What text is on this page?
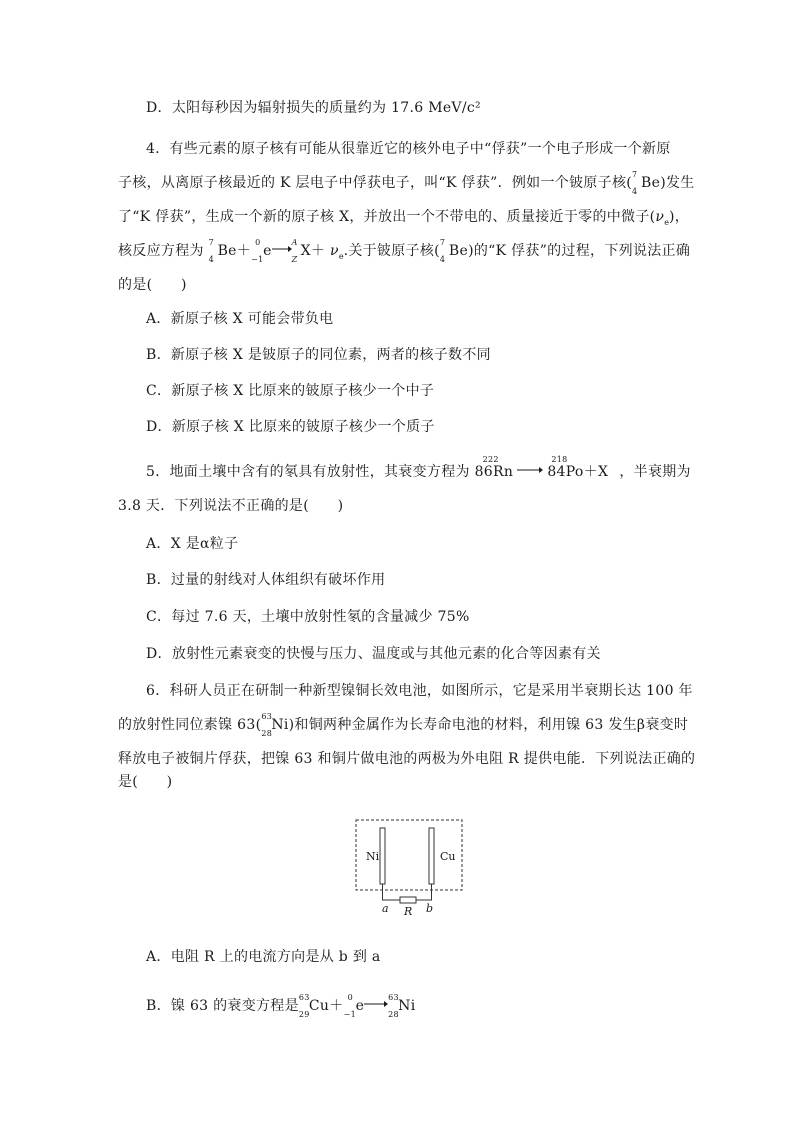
D．太阳每秒因为辐射损失的质量约为 17.6 MeV/c²
4．有些元素的原子核有可能从很靠近它的核外电子中“俘获”一个电子形成一个新原
子核，从离原子核最近的 K 层电子中俘获电子，叫“K 俘获”．例如一个铍原子核(
7
4
Be)发生
了“K 俘获”，生成一个新的原子核 X，并放出一个不带电的、质量接近于零的中微子$(\nu_e)$，
核反应方程为
7
4
Be＋
0
−1
e→ A
Z
$X+ \nu_e$.关于铍原子核(
7
4
Be)的“K 俘获”的过程，下列说法正确
的是(　　)
A．新原子核 X 可能会带负电
B．新原子核 X 是铍原子的同位素，两者的核子数不同
C．新原子核 X 比原来的铍原子核少一个中子
D．新原子核 X 比原来的铍原子核少一个质子
5．地面土壤中含有的氡具有放射性，其衰变方程为
222
86Rn

218
84Po＋X ，半衰期为
3.8 天．下列说法不正确的是(　　)
A．X 是α粒子
B．过量的射线对人体组织有破坏作用
C．每过 7.6 天，土壤中放射性氡的含量减少 75%
D．放射性元素衰变的快慢与压力、温度或与其他元素的化合等因素有关
6．科研人员正在研制一种新型镍铜长效电池，如图所示，它是采用半衰期长达 100 年
的放射性同位素镍 63(
63
28
Ni)和铜两种金属作为长寿命电池的材料，利用镍 63 发生β衰变时
释放电子被铜片俘获，把镍 63 和铜片做电池的两极为外电阻 R 提供电能．下列说法正确的
是(　　)
Ni	Cu
a R b
A．电阻 R 上的电流方向是从 b 到 a
B．镍 63 的衰变方程是
63
29
Cu＋
0
−1
e
63
28
Ni
